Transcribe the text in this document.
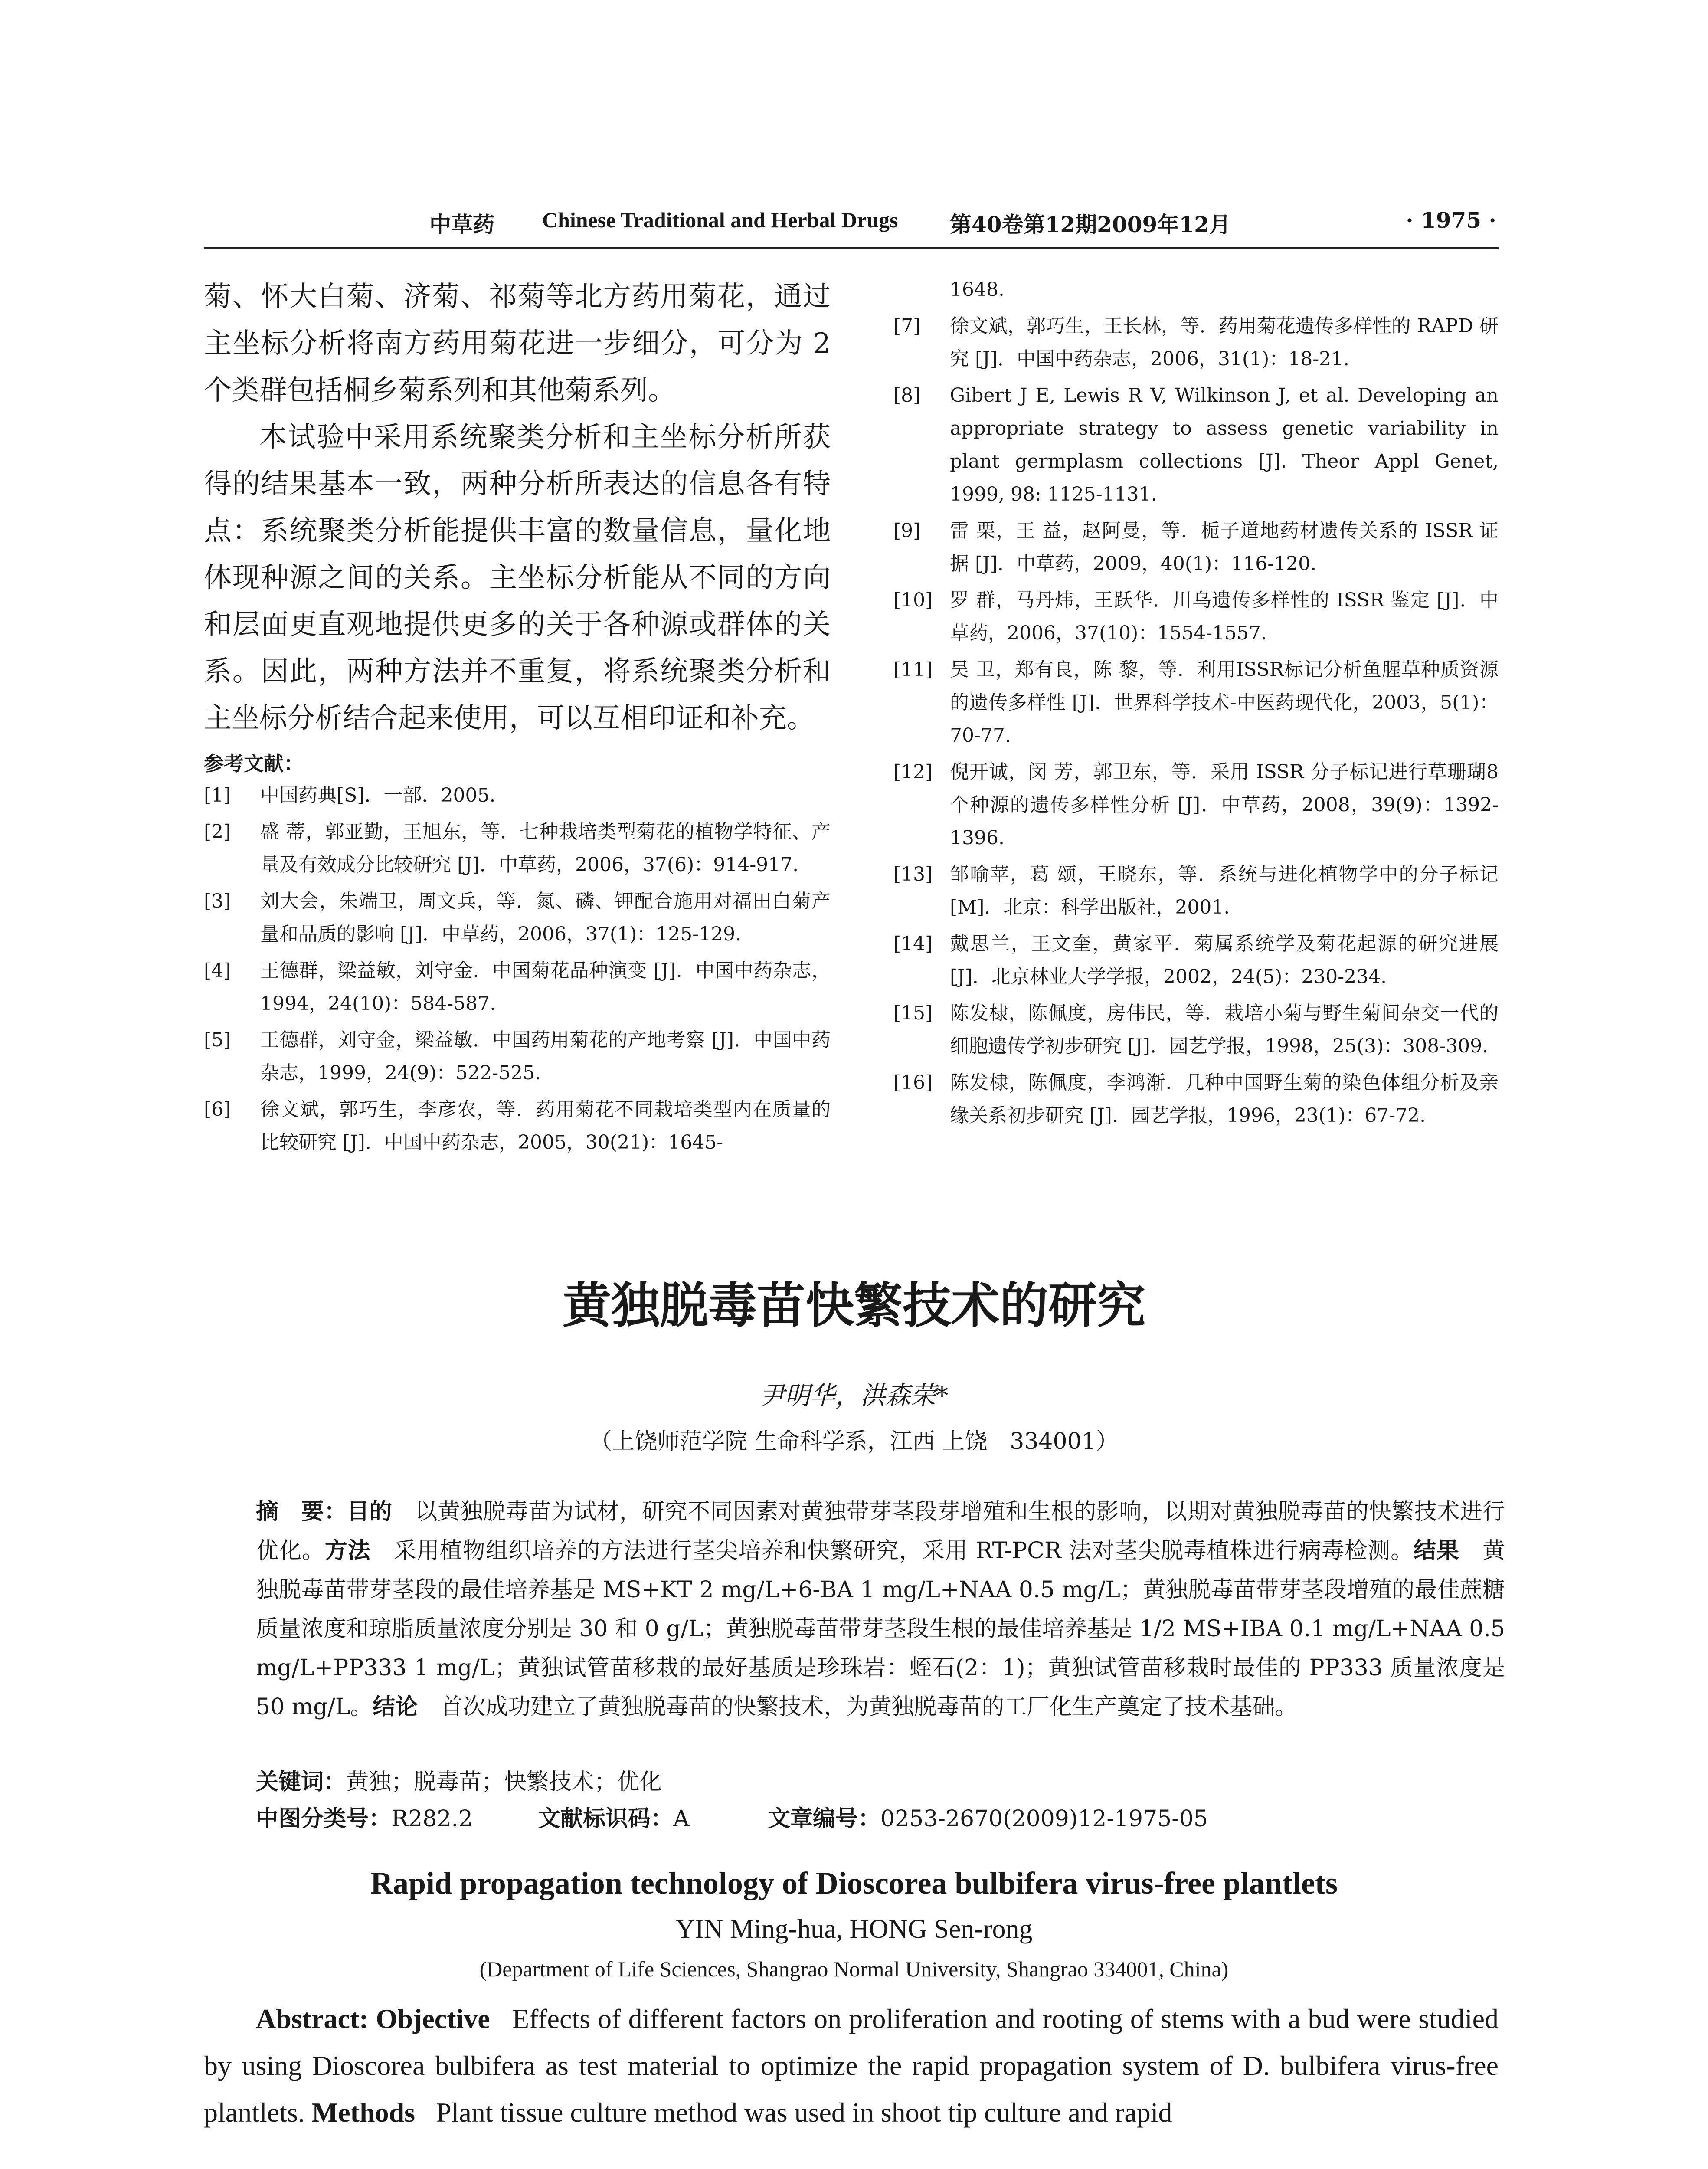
中草药 Chinese Traditional and Herbal Drugs 第40卷第12期2009年12月	· 1975 ·

菊、怀大白菊、济菊、祁菊等北方药用菊花，通过主坐标分析将南方药用菊花进一步细分，可分为 2 个类群包括桐乡菊系列和其他菊系列。

本试验中采用系统聚类分析和主坐标分析所获得的结果基本一致，两种分析所表达的信息各有特点：系统聚类分析能提供丰富的数量信息，量化地体现种源之间的关系。主坐标分析能从不同的方向和层面更直观地提供更多的关于各种源或群体的关系。因此，两种方法并不重复，将系统聚类分析和主坐标分析结合起来使用，可以互相印证和补充。

参考文献：
[1]	中国药典[S]．一部．2005.
[2]	盛 蒂，郭亚勤，王旭东，等．七种栽培类型菊花的植物学特征、产量及有效成分比较研究 [J]．中草药，2006，37(6)：914-917.
[3]	刘大会，朱端卫，周文兵，等．氮、磷、钾配合施用对福田白菊产量和品质的影响 [J]．中草药，2006，37(1)：125-129.
[4]	王德群，梁益敏，刘守金．中国菊花品种演变 [J]．中国中药杂志，1994，24(10)：584-587.
[5]	王德群，刘守金，梁益敏．中国药用菊花的产地考察 [J]．中国中药杂志，1999，24(9)：522-525.
[6]	徐文斌，郭巧生，李彦农，等．药用菊花不同栽培类型内在质量的比较研究 [J]．中国中药杂志，2005，30(21)：1645-
1648.
[7]	徐文斌，郭巧生，王长林，等．药用菊花遗传多样性的 RAPD 研究 [J]．中国中药杂志，2006，31(1)：18-21.
[8]	Gibert J E, Lewis R V, Wilkinson J, et al. Developing an appropriate strategy to assess genetic variability in plant germplasm collections [J]. Theor Appl Genet, 1999, 98: 1125-1131.
[9]	雷 栗，王 益，赵阿曼，等．栀子道地药材遗传关系的 ISSR 证据 [J]．中草药，2009，40(1)：116-120.
[10] 罗 群，马丹炜，王跃华．川乌遗传多样性的 ISSR 鉴定 [J]．中草药，2006，37(10)：1554-1557.
[11] 吴 卫，郑有良，陈 黎，等．利用ISSR标记分析鱼腥草种质资源的遗传多样性 [J]．世界科学技术-中医药现代化，2003，5(1)：70-77.
[12] 倪开诚，闵 芳，郭卫东，等．采用 ISSR 分子标记进行草珊瑚8个种源的遗传多样性分析 [J]．中草药，2008，39(9)：1392-1396.
[13] 邹喻苹，葛 颂，王晓东，等．系统与进化植物学中的分子标记 [M]．北京：科学出版社，2001.
[14] 戴思兰，王文奎，黄家平．菊属系统学及菊花起源的研究进展 [J]．北京林业大学学报，2002，24(5)：230-234.
[15] 陈发棣，陈佩度，房伟民，等．栽培小菊与野生菊间杂交一代的细胞遗传学初步研究 [J]．园艺学报，1998，25(3)：308-309.
[16] 陈发棣，陈佩度，李鸿渐．几种中国野生菊的染色体组分析及亲缘关系初步研究 [J]．园艺学报，1996，23(1)：67-72.
黄独脱毒苗快繁技术的研究
尹明华，洪森荣*
（上饶师范学院 生命科学系，江西 上饶　334001）
摘　要：目的　 以黄独脱毒苗为试材，研究不同因素对黄独带芽茎段芽增殖和生根的影响，以期对黄独脱毒苗的快繁技术进行优化。方法　 采用植物组织培养的方法进行茎尖培养和快繁研究，采用 RT-PCR 法对茎尖脱毒植株进行病毒检测。结果　 黄独脱毒苗带芽茎段的最佳培养基是 MS+KT 2 mg/L+6-BA 1 mg/L+NAA 0.5 mg/L；黄独脱毒苗带芽茎段增殖的最佳蔗糖质量浓度和琼脂质量浓度分别是 30 和 0 g/L；黄独脱毒苗带芽茎段生根的最佳培养基是 1/2 MS+IBA 0.1 mg/L+NAA 0.5 mg/L+PP333 1 mg/L；黄独试管苗移栽的最好基质是珍珠岩：蛭石(2：1)；黄独试管苗移栽时最佳的 PP333 质量浓度是 50 mg/L。结论　 首次成功建立了黄独脱毒苗的快繁技术，为黄独脱毒苗的工厂化生产奠定了技术基础。
关键词：黄独；脱毒苗；快繁技术；优化
中图分类号：R282.2	文献标识码：A	文章编号：0253-2670(2009)12-1975-05
Rapid propagation technology of Dioscorea bulbifera virus-free plantlets
YIN Ming-hua, HONG Sen-rong
(Department of Life Sciences, Shangrao Normal University, Shangrao 334001, China)
Abstract: Objective Effects of different factors on proliferation and rooting of stems with a bud were studied by using Dioscorea bulbifera as test material to optimize the rapid propagation system of D. bulbifera virus-free plantlets. Methods Plant tissue culture method was used in shoot tip culture and rapid
